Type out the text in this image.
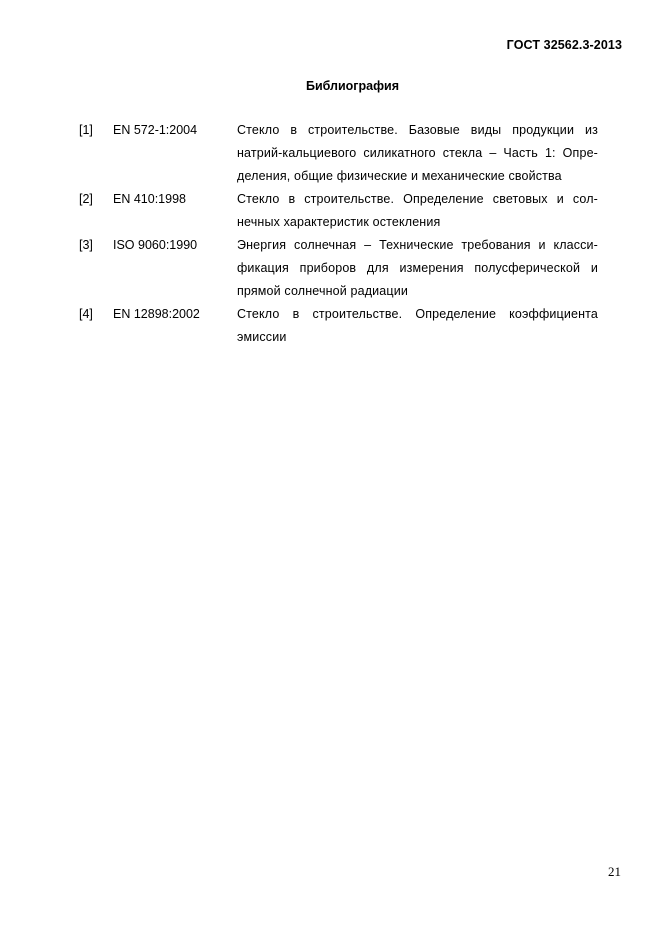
ГОСТ 32562.3-2013
Библиография
[1] EN 572-1:2004	Стекло в строительстве. Базовые виды продукции из
натрий-кальциевого силикатного стекла – Часть 1: Опре-
деления, общие физические и механические свойства
[2] EN 410:1998	Стекло в строительстве. Определение световых и сол-
нечных характеристик остекления
[3] ISO 9060:1990	Энергия солнечная – Технические требования и класси-
фикация приборов для измерения полусферической и
прямой солнечной радиации
[4] EN 12898:2002	Стекло в строительстве. Определение коэффициента
эмиссии
21
